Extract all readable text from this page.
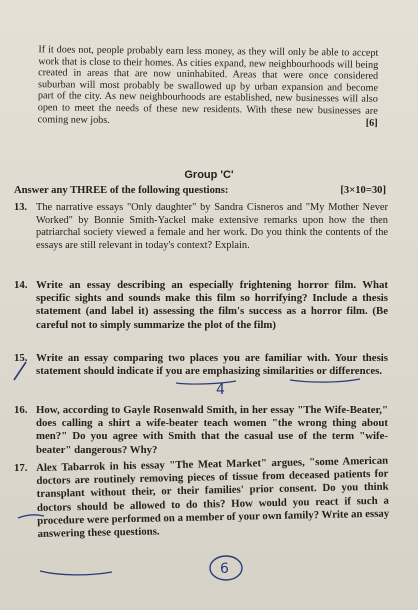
If it does not, people probably earn less money, as they will only be able to accept work that is close to their homes. As cities expand, new neighbourhoods will being created in areas that are now uninhabited. Areas that were once considered suburban will most probably be swallowed up by urban expansion and become part of the city. As new neighbourhoods are established, new businesses will also open to meet the needs of these new residents. With these new businesses are coming new jobs.	[6]
Group 'C'
Answer any THREE of the following questions:	[3×10=30]
13. The narrative essays "Only daughter" by Sandra Cisneros and "My Mother Never Worked" by Bonnie Smith-Yackel make extensive remarks upon how the then patriarchal society viewed a female and her work. Do you think the contents of the essays are still relevant in today's context? Explain.
14. Write an essay describing an especially frightening horror film. What specific sights and sounds make this film so horrifying? Include a thesis statement (and label it) assessing the film's success as a horror film. (Be careful not to simply summarize the plot of the film)
15. Write an essay comparing two places you are familiar with. Your thesis statement should indicate if you are emphasizing similarities or differences.
16. How, according to Gayle Rosenwald Smith, in her essay "The Wife-Beater," does calling a shirt a wife-beater teach women "the wrong thing about men?" Do you agree with Smith that the casual use of the term "wife-beater" dangerous? Why?
17. Alex Tabarrok in his essay "The Meat Market" argues, "some American doctors are routinely removing pieces of tissue from deceased patients for transplant without their, or their families' prior consent. Do you think doctors should be allowed to do this? How would you react if such a procedure were performed on a member of your own family? Write an essay answering these questions.
4
6
